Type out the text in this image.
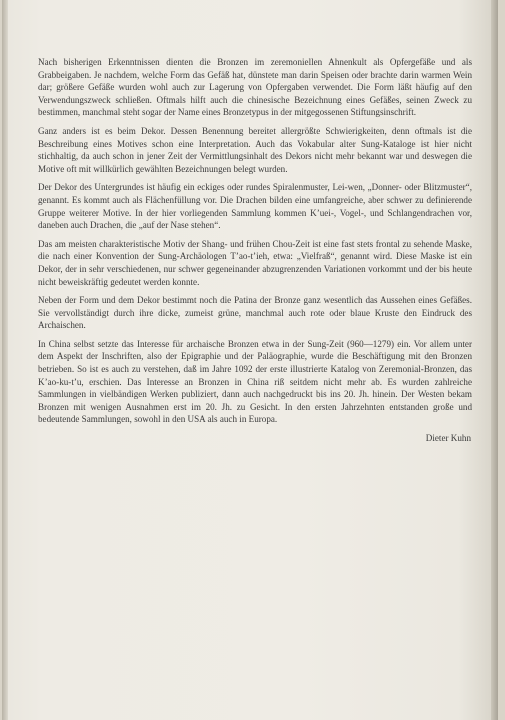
Nach bisherigen Erkenntnissen dienten die Bronzen im zeremoniellen Ahnenkult als Opfergefäße und als Grabbeigaben. Je nachdem, welche Form das Gefäß hat, dünstete man darin Speisen oder brachte darin warmen Wein dar; größere Gefäße wurden wohl auch zur Lagerung von Opfergaben verwendet. Die Form läßt häufig auf den Verwendungszweck schließen. Oftmals hilft auch die chinesische Bezeichnung eines Gefäßes, seinen Zweck zu bestimmen, manchmal steht sogar der Name eines Bronzetypus in der mitgegossenen Stiftungsinschrift.

Ganz anders ist es beim Dekor. Dessen Benennung bereitet allergrößte Schwierigkeiten, denn oftmals ist die Beschreibung eines Motives schon eine Interpretation. Auch das Vokabular alter Sung-Kataloge ist hier nicht stichhaltig, da auch schon in jener Zeit der Vermittlungsinhalt des Dekors nicht mehr bekannt war und deswegen die Motive oft mit willkürlich gewählten Bezeichnungen belegt wurden.

Der Dekor des Untergrundes ist häufig ein eckiges oder rundes Spiralenmuster, Lei-wen, „Donner- oder Blitzmuster“, genannt. Es kommt auch als Flächenfüllung vor. Die Drachen bilden eine umfangreiche, aber schwer zu definierende Gruppe weiterer Motive. In der hier vorliegenden Sammlung kommen K’uei-, Vogel-, und Schlangendrachen vor, daneben auch Drachen, die „auf der Nase stehen“.

Das am meisten charakteristische Motiv der Shang- und frühen Chou-Zeit ist eine fast stets frontal zu sehende Maske, die nach einer Konvention der Sung-Archäologen T’ao-t’ieh, etwa: „Vielfraß“, genannt wird. Diese Maske ist ein Dekor, der in sehr verschiedenen, nur schwer gegeneinander abzugrenzenden Variationen vorkommt und der bis heute nicht beweiskräftig gedeutet werden konnte.

Neben der Form und dem Dekor bestimmt noch die Patina der Bronze ganz wesentlich das Aussehen eines Gefäßes. Sie vervollständigt durch ihre dicke, zumeist grüne, manchmal auch rote oder blaue Kruste den Eindruck des Archaischen.

In China selbst setzte das Interesse für archaische Bronzen etwa in der Sung-Zeit (960—1279) ein. Vor allem unter dem Aspekt der Inschriften, also der Epigraphie und der Paläographie, wurde die Beschäftigung mit den Bronzen betrieben. So ist es auch zu verstehen, daß im Jahre 1092 der erste illustrierte Katalog von Zeremonial-Bronzen, das K’ao-ku-t’u, erschien. Das Interesse an Bronzen in China riß seitdem nicht mehr ab. Es wurden zahlreiche Sammlungen in vielbändigen Werken publiziert, dann auch nachgedruckt bis ins 20. Jh. hinein. Der Westen bekam Bronzen mit wenigen Ausnahmen erst im 20. Jh. zu Gesicht. In den ersten Jahrzehnten entstanden große und bedeutende Sammlungen, sowohl in den USA als auch in Europa.

Dieter Kuhn
